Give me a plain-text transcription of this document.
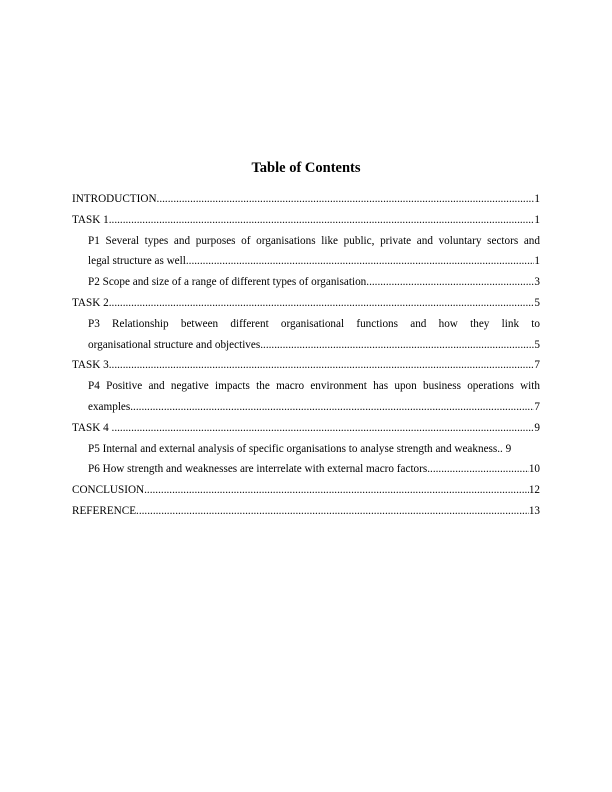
Table of Contents
INTRODUCTION .....	1
TASK 1 .....	1
P1 Several types and purposes of organisations like public, private and voluntary sectors and
legal structure as well .....	1
P2 Scope and size of a range of different types of organisation .....	3
TASK 2 .....	5
P3 Relationship between different organisational functions and how they link to
organisational structure and objectives .....	5
TASK 3 .....	7
P4 Positive and negative impacts the macro environment has upon business operations with
examples .....	7
TASK 4 .....	9
P5 Internal and external analysis of specific organisations to analyse strength and weakness.. 9
P6 How strength and weaknesses are interrelate with external macro factors .....	10
CONCLUSION .....	12
REFERENCE .....	13
